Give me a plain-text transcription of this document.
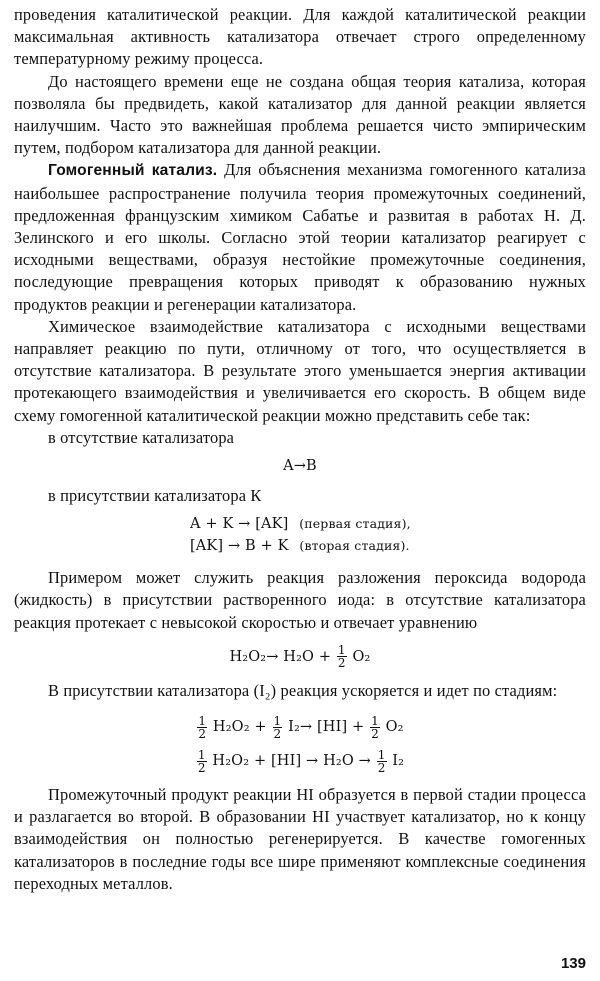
проведения каталитической реакции. Для каждой каталитической реакции максимальная активность катализатора отвечает строго определенному температурному режиму процесса.

До настоящего времени еще не создана общая теория катализа, которая позволяла бы предвидеть, какой катализатор для данной реакции является наилучшим. Часто это важнейшая проблема решается чисто эмпирическим путем, подбором катализатора для данной реакции.

Гомогенный катализ. Для объяснения механизма гомогенного катализа наибольшее распространение получила теория промежуточных соединений, предложенная французским химиком Сабатье и развитая в работах Н. Д. Зелинского и его школы. Согласно этой теории катализатор реагирует с исходными веществами, образуя нестойкие промежуточные соединения, последующие превращения которых приводят к образованию нужных продуктов реакции и регенерации катализатора.

Химическое взаимодействие катализатора с исходными веществами направляет реакцию по пути, отличному от того, что осуществляется в отсутствие катализатора. В результате этого уменьшается энергия активации протекающего взаимодействия и увеличивается его скорость. В общем виде схему гомогенной каталитической реакции можно представить себе так:

в отсутствие катализатора

A→B

в присутствии катализатора К

A + K → [AK] (первая стадия),
[AK] → B + K (вторая стадия).

Примером может служить реакция разложения пероксида водорода (жидкость) в присутствии растворенного иода: в отсутствие катализатора реакция протекает с невысокой скоростью и отвечает уравнению

$H_2O_2\to H_2O + \frac{1}{2} O_2$

В присутствии катализатора (I₂) реакция ускоряется и идет по стадиям:

$\frac{1}{2} H_2O_2 + \frac{1}{2} I_2\to [HI] + \frac{1}{2} O_2$
$\frac{1}{2} H_2O_2 + [HI] \to H_2O \to \frac{1}{2} I_2$

Промежуточный продукт реакции HI образуется в первой стадии процесса и разлагается во второй. В образовании HI участвует катализатор, но к концу взаимодействия он полностью регенерируется. В качестве гомогенных катализаторов в последние годы все шире применяют комплексные соединения переходных металлов.

139
